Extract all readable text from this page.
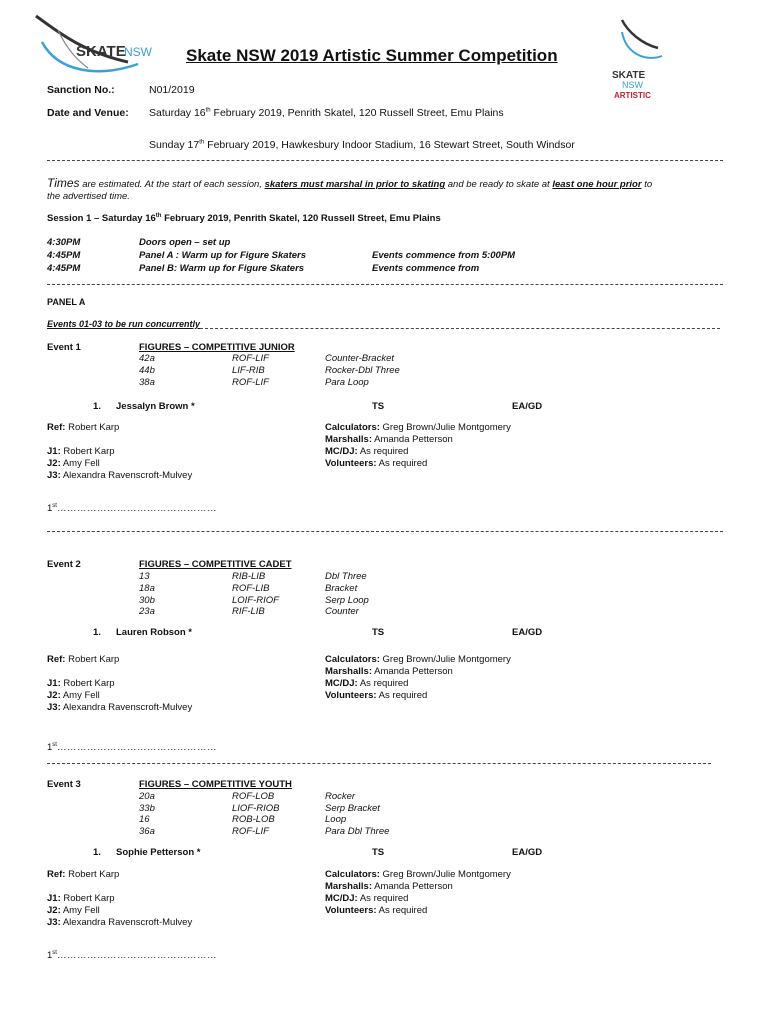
SKATE
NSW
SKATE
NSW
ARTISTIC
Skate NSW 2019 Artistic Summer Competition
Sanction No.:	N01/2019
Date and Venue: Saturday 16th February 2019, Penrith Skatel, 120 Russell Street, Emu Plains
Sunday 17th February 2019, Hawkesbury Indoor Stadium, 16 Stewart Street, South Windsor
Times are estimated. At the start of each session, skaters must marshal in prior to skating and be ready to skate at least one hour prior to
the advertised time.
Session 1 – Saturday 16th February 2019, Penrith Skatel, 120 Russell Street, Emu Plains
4:30PM	Doors open – set up
4:45PM	Panel A : Warm up for Figure Skaters	Events commence from 5:00PM
4:45PM	Panel B: Warm up for Figure Skaters	Events commence from
PANEL A
Events 01-03 to be run concurrently
Event 1	FIGURES – COMPETITIVE JUNIOR
42a	ROF-LIF	Counter-Bracket
44b	LIF-RIB	Rocker-Dbl Three
38a	ROF-LIF	Para Loop
1. Jessalyn Brown *	TS	EA/GD
Ref: Robert Karp	Calculators: Greg Brown/Julie Montgomery
Marshalls: Amanda Petterson
J1: Robert Karp	MC/DJ: As required
J2: Amy Fell	Volunteers: As required
J3: Alexandra Ravenscroft-Mulvey
1st…………………………………………
Event 2	FIGURES – COMPETITIVE CADET
13	RIB-LIB	Dbl Three
18a	ROF-LIB	Bracket
30b	LOIF-RIOF	Serp Loop
23a	RIF-LIB	Counter
1. Lauren Robson *	TS	EA/GD
Ref: Robert Karp	Calculators: Greg Brown/Julie Montgomery
Marshalls: Amanda Petterson
J1: Robert Karp	MC/DJ: As required
J2: Amy Fell	Volunteers: As required
J3: Alexandra Ravenscroft-Mulvey
1st…………………………………………
Event 3	FIGURES – COMPETITIVE YOUTH
20a	ROF-LOB	Rocker
33b	LIOF-RIOB	Serp Bracket
16	ROB-LOB	Loop
36a	ROF-LIF	Para Dbl Three
1. Sophie Petterson *	TS	EA/GD
Ref: Robert Karp	Calculators: Greg Brown/Julie Montgomery
Marshalls: Amanda Petterson
J1: Robert Karp	MC/DJ: As required
J2: Amy Fell	Volunteers: As required
J3: Alexandra Ravenscroft-Mulvey
1st…………………………………………
